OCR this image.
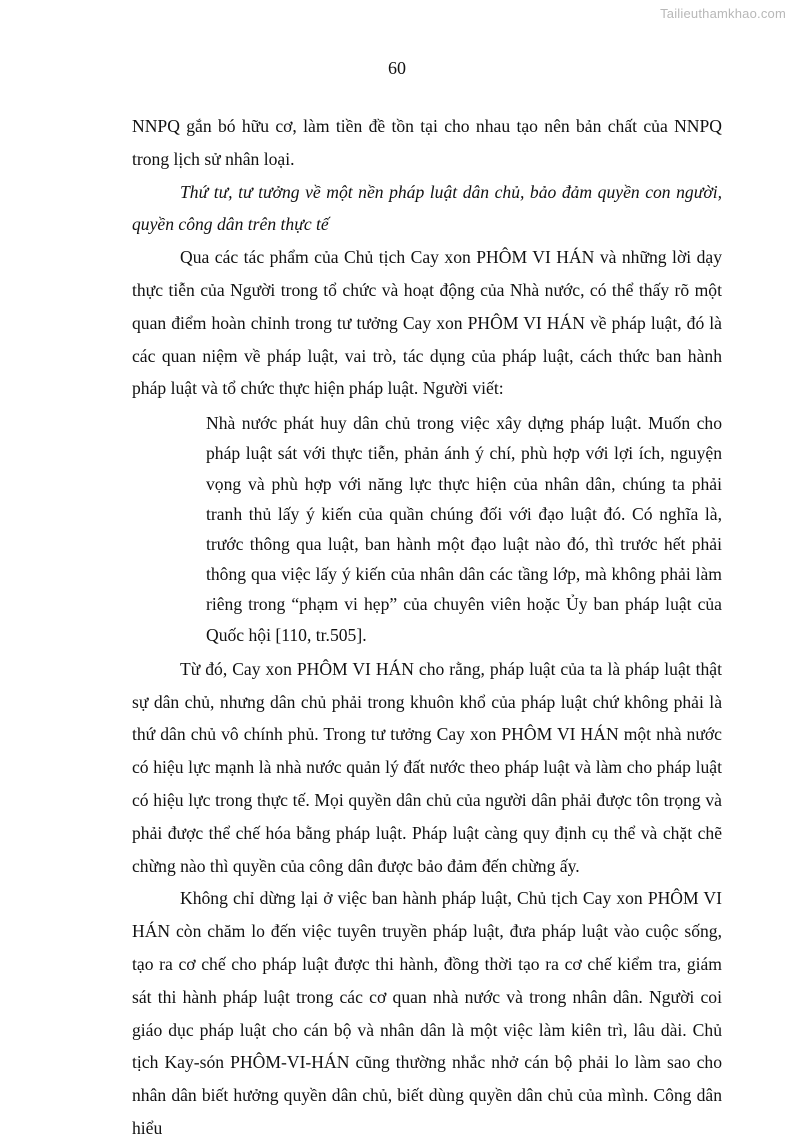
Tailieuthamkhao.com
60

NNPQ gắn bó hữu cơ, làm tiền đề tồn tại cho nhau tạo nên bản chất của NNPQ trong lịch sử nhân loại.

Thứ tư, tư tưởng về một nền pháp luật dân chủ, bảo đảm quyền con người, quyền công dân trên thực tế

Qua các tác phẩm của Chủ tịch Cay xon PHÔM VI HÁN và những lời dạy thực tiễn của Người trong tổ chức và hoạt động của Nhà nước, có thể thấy rõ một quan điểm hoàn chỉnh trong tư tưởng Cay xon PHÔM VI HÁN về pháp luật, đó là các quan niệm về pháp luật, vai trò, tác dụng của pháp luật, cách thức ban hành pháp luật và tổ chức thực hiện pháp luật. Người viết:

Nhà nước phát huy dân chủ trong việc xây dựng pháp luật. Muốn cho pháp luật sát với thực tiễn, phản ánh ý chí, phù hợp với lợi ích, nguyện vọng và phù hợp với năng lực thực hiện của nhân dân, chúng ta phải tranh thủ lấy ý kiến của quần chúng đối với đạo luật đó. Có nghĩa là, trước thông qua luật, ban hành một đạo luật nào đó, thì trước hết phải thông qua việc lấy ý kiến của nhân dân các tầng lớp, mà không phải làm riêng trong “phạm vi hẹp” của chuyên viên hoặc Ủy ban pháp luật của Quốc hội [110, tr.505].

Từ đó, Cay xon PHÔM VI HÁN cho rằng, pháp luật của ta là pháp luật thật sự dân chủ, nhưng dân chủ phải trong khuôn khổ của pháp luật chứ không phải là thứ dân chủ vô chính phủ. Trong tư tưởng Cay xon PHÔM VI HÁN một nhà nước có hiệu lực mạnh là nhà nước quản lý đất nước theo pháp luật và làm cho pháp luật có hiệu lực trong thực tế. Mọi quyền dân chủ của người dân phải được tôn trọng và phải được thể chế hóa bằng pháp luật. Pháp luật càng quy định cụ thể và chặt chẽ chừng nào thì quyền của công dân được bảo đảm đến chừng ấy.

Không chỉ dừng lại ở việc ban hành pháp luật, Chủ tịch Cay xon PHÔM VI HÁN còn chăm lo đến việc tuyên truyền pháp luật, đưa pháp luật vào cuộc sống, tạo ra cơ chế cho pháp luật được thi hành, đồng thời tạo ra cơ chế kiểm tra, giám sát thi hành pháp luật trong các cơ quan nhà nước và trong nhân dân. Người coi giáo dục pháp luật cho cán bộ và nhân dân là một việc làm kiên trì, lâu dài. Chủ tịch Kay-són PHÔM-VI-HÁN cũng thường nhắc nhở cán bộ phải lo làm sao cho nhân dân biết hưởng quyền dân chủ, biết dùng quyền dân chủ của mình. Công dân hiểu
